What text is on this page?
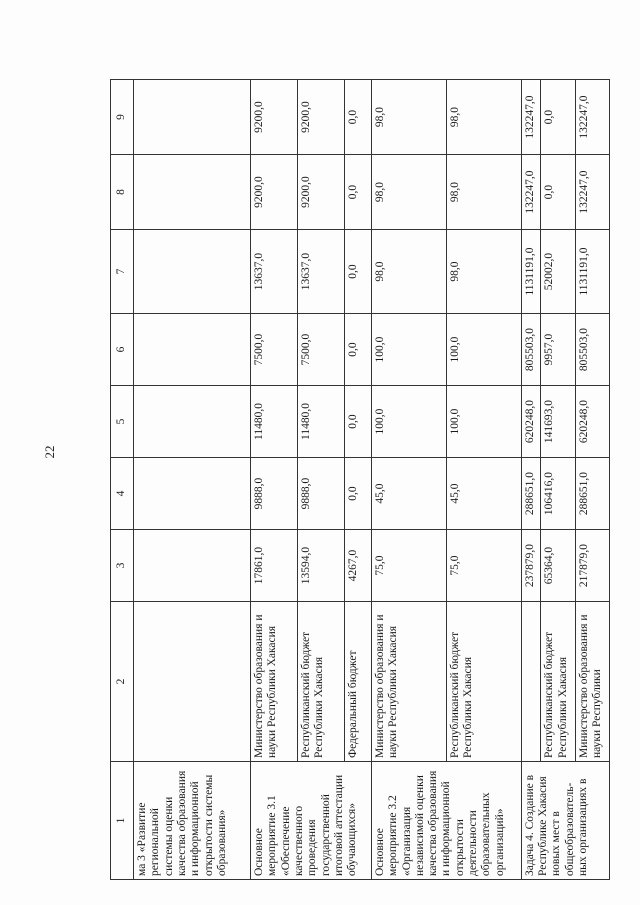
22
1	2	3	4	5	6	7	8	9
ма 3 «Развитие региональной системы оценки качества образования и информационной открытости системы образования»								
Основное мероприятие 3.1 «Обеспечение качественного проведения государственной итоговой аттестации обучающихся»	Министерство образования и науки Республики Хакасия	17861,0	9888,0	11480,0	7500,0	13637,0	9200,0	9200,0
	Республиканский бюджет Республики Хакасия	13594,0	9888,0	11480,0	7500,0	13637,0	9200,0	9200,0
	Федеральный бюджет	4267,0	0,0	0,0	0,0	0,0	0,0	0,0
Основное мероприятие 3.2 «Организация независимой оценки качества образования и информационной открытости деятельности образовательных организаций»	Министерство образования и науки Республики Хакасия	75,0	45,0	100,0	100,0	98,0	98,0	98,0
	Республиканский бюджет Республики Хакасия	75,0	45,0	100,0	100,0	98,0	98,0	98,0
Задача 4. Создание в Республике Хакасия новых мест в общеобразователь-ных организациях в		237879,0	288651,0	620248,0	805503,0	1131191,0	132247,0	132247,0
	Республиканский бюджет Республики Хакасия	65364,0	106416,0	141693,0	9957,0	52002,0	0,0	0,0
	Министерство образования и науки Республики	217879,0	288651,0	620248,0	805503,0	1131191,0	132247,0	132247,0
